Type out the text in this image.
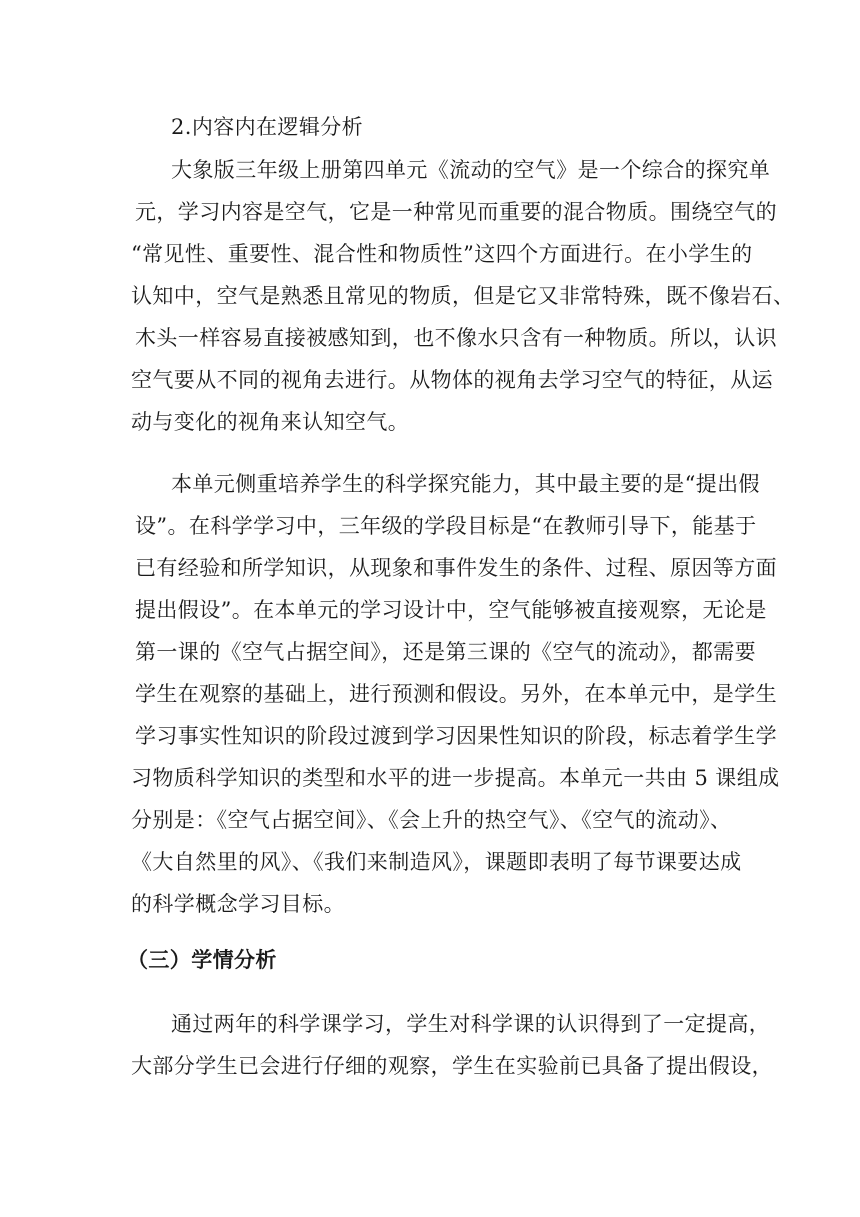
2.内容内在逻辑分析
大象版三年级上册第四单元《流动的空气》是一个综合的探究单
元，学习内容是空气，它是一种常见而重要的混合物质。围绕空气的
“常见性、重要性、混合性和物质性”这四个方面进行。在小学生的
认知中，空气是熟悉且常见的物质，但是它又非常特殊，既不像岩石、
木头一样容易直接被感知到，也不像水只含有一种物质。所以，认识
空气要从不同的视角去进行。从物体的视角去学习空气的特征，从运
动与变化的视角来认知空气。
本单元侧重培养学生的科学探究能力，其中最主要的是“提出假
设”。在科学学习中，三年级的学段目标是“在教师引导下，能基于
已有经验和所学知识，从现象和事件发生的条件、过程、原因等方面
提出假设”。在本单元的学习设计中，空气能够被直接观察，无论是
第一课的《空气占据空间》，还是第三课的《空气的流动》，都需要
学生在观察的基础上，进行预测和假设。另外，在本单元中，是学生
学习事实性知识的阶段过渡到学习因果性知识的阶段，标志着学生学
习物质科学知识的类型和水平的进一步提高。本单元一共由 5 课组成
分别是：《空气占据空间》、《会上升的热空气》、《空气的流动》、
《大自然里的风》、《我们来制造风》，课题即表明了每节课要达成
的科学概念学习目标。
（三）学情分析
通过两年的科学课学习，学生对科学课的认识得到了一定提高，
大部分学生已会进行仔细的观察，学生在实验前已具备了提出假设，
